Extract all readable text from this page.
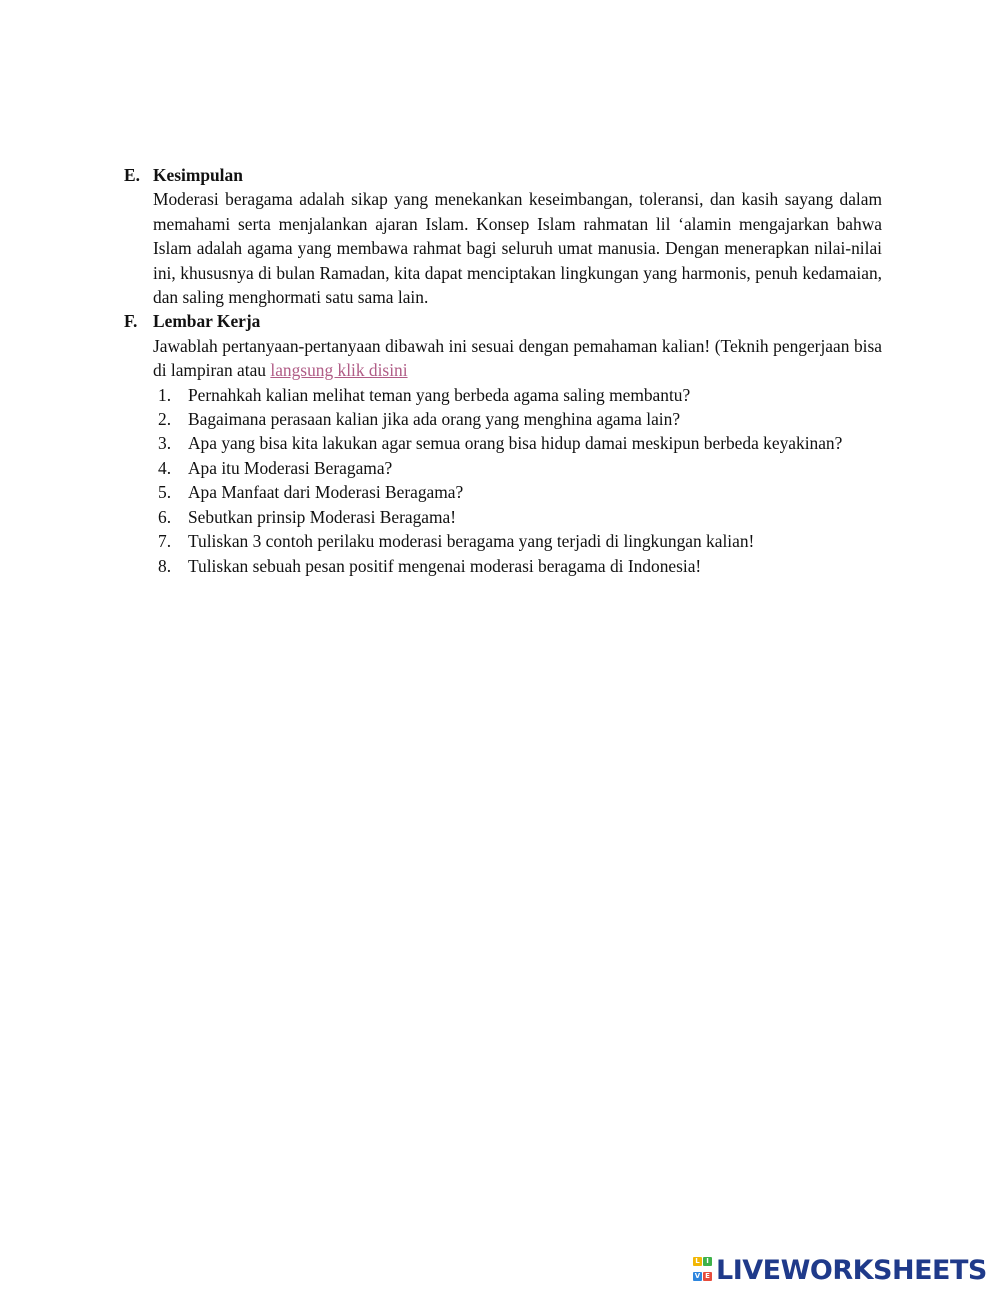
E. Kesimpulan

Moderasi beragama adalah sikap yang menekankan keseimbangan, toleransi, dan kasih sayang dalam memahami serta menjalankan ajaran Islam. Konsep Islam rahmatan lil ‘alamin mengajarkan bahwa Islam adalah agama yang membawa rahmat bagi seluruh umat manusia. Dengan menerapkan nilai-nilai ini, khususnya di bulan Ramadan, kita dapat menciptakan lingkungan yang harmonis, penuh kedamaian, dan saling menghormati satu sama lain.

F. Lembar Kerja

Jawablah pertanyaan-pertanyaan dibawah ini sesuai dengan pemahaman kalian! (Teknih pengerjaan bisa di lampiran atau langsung klik disini

1. Pernahkah kalian melihat teman yang berbeda agama saling membantu?
2. Bagaimana perasaan kalian jika ada orang yang menghina agama lain?
3. Apa yang bisa kita lakukan agar semua orang bisa hidup damai meskipun berbeda keyakinan?
4. Apa itu Moderasi Beragama?
5. Apa Manfaat dari Moderasi Beragama?
6. Sebutkan prinsip Moderasi Beragama!
7. Tuliskan 3 contoh perilaku moderasi beragama yang terjadi di lingkungan kalian!
8. Tuliskan sebuah pesan positif mengenai moderasi beragama di Indonesia!
L I
V E LIVEWORKSHEETS
